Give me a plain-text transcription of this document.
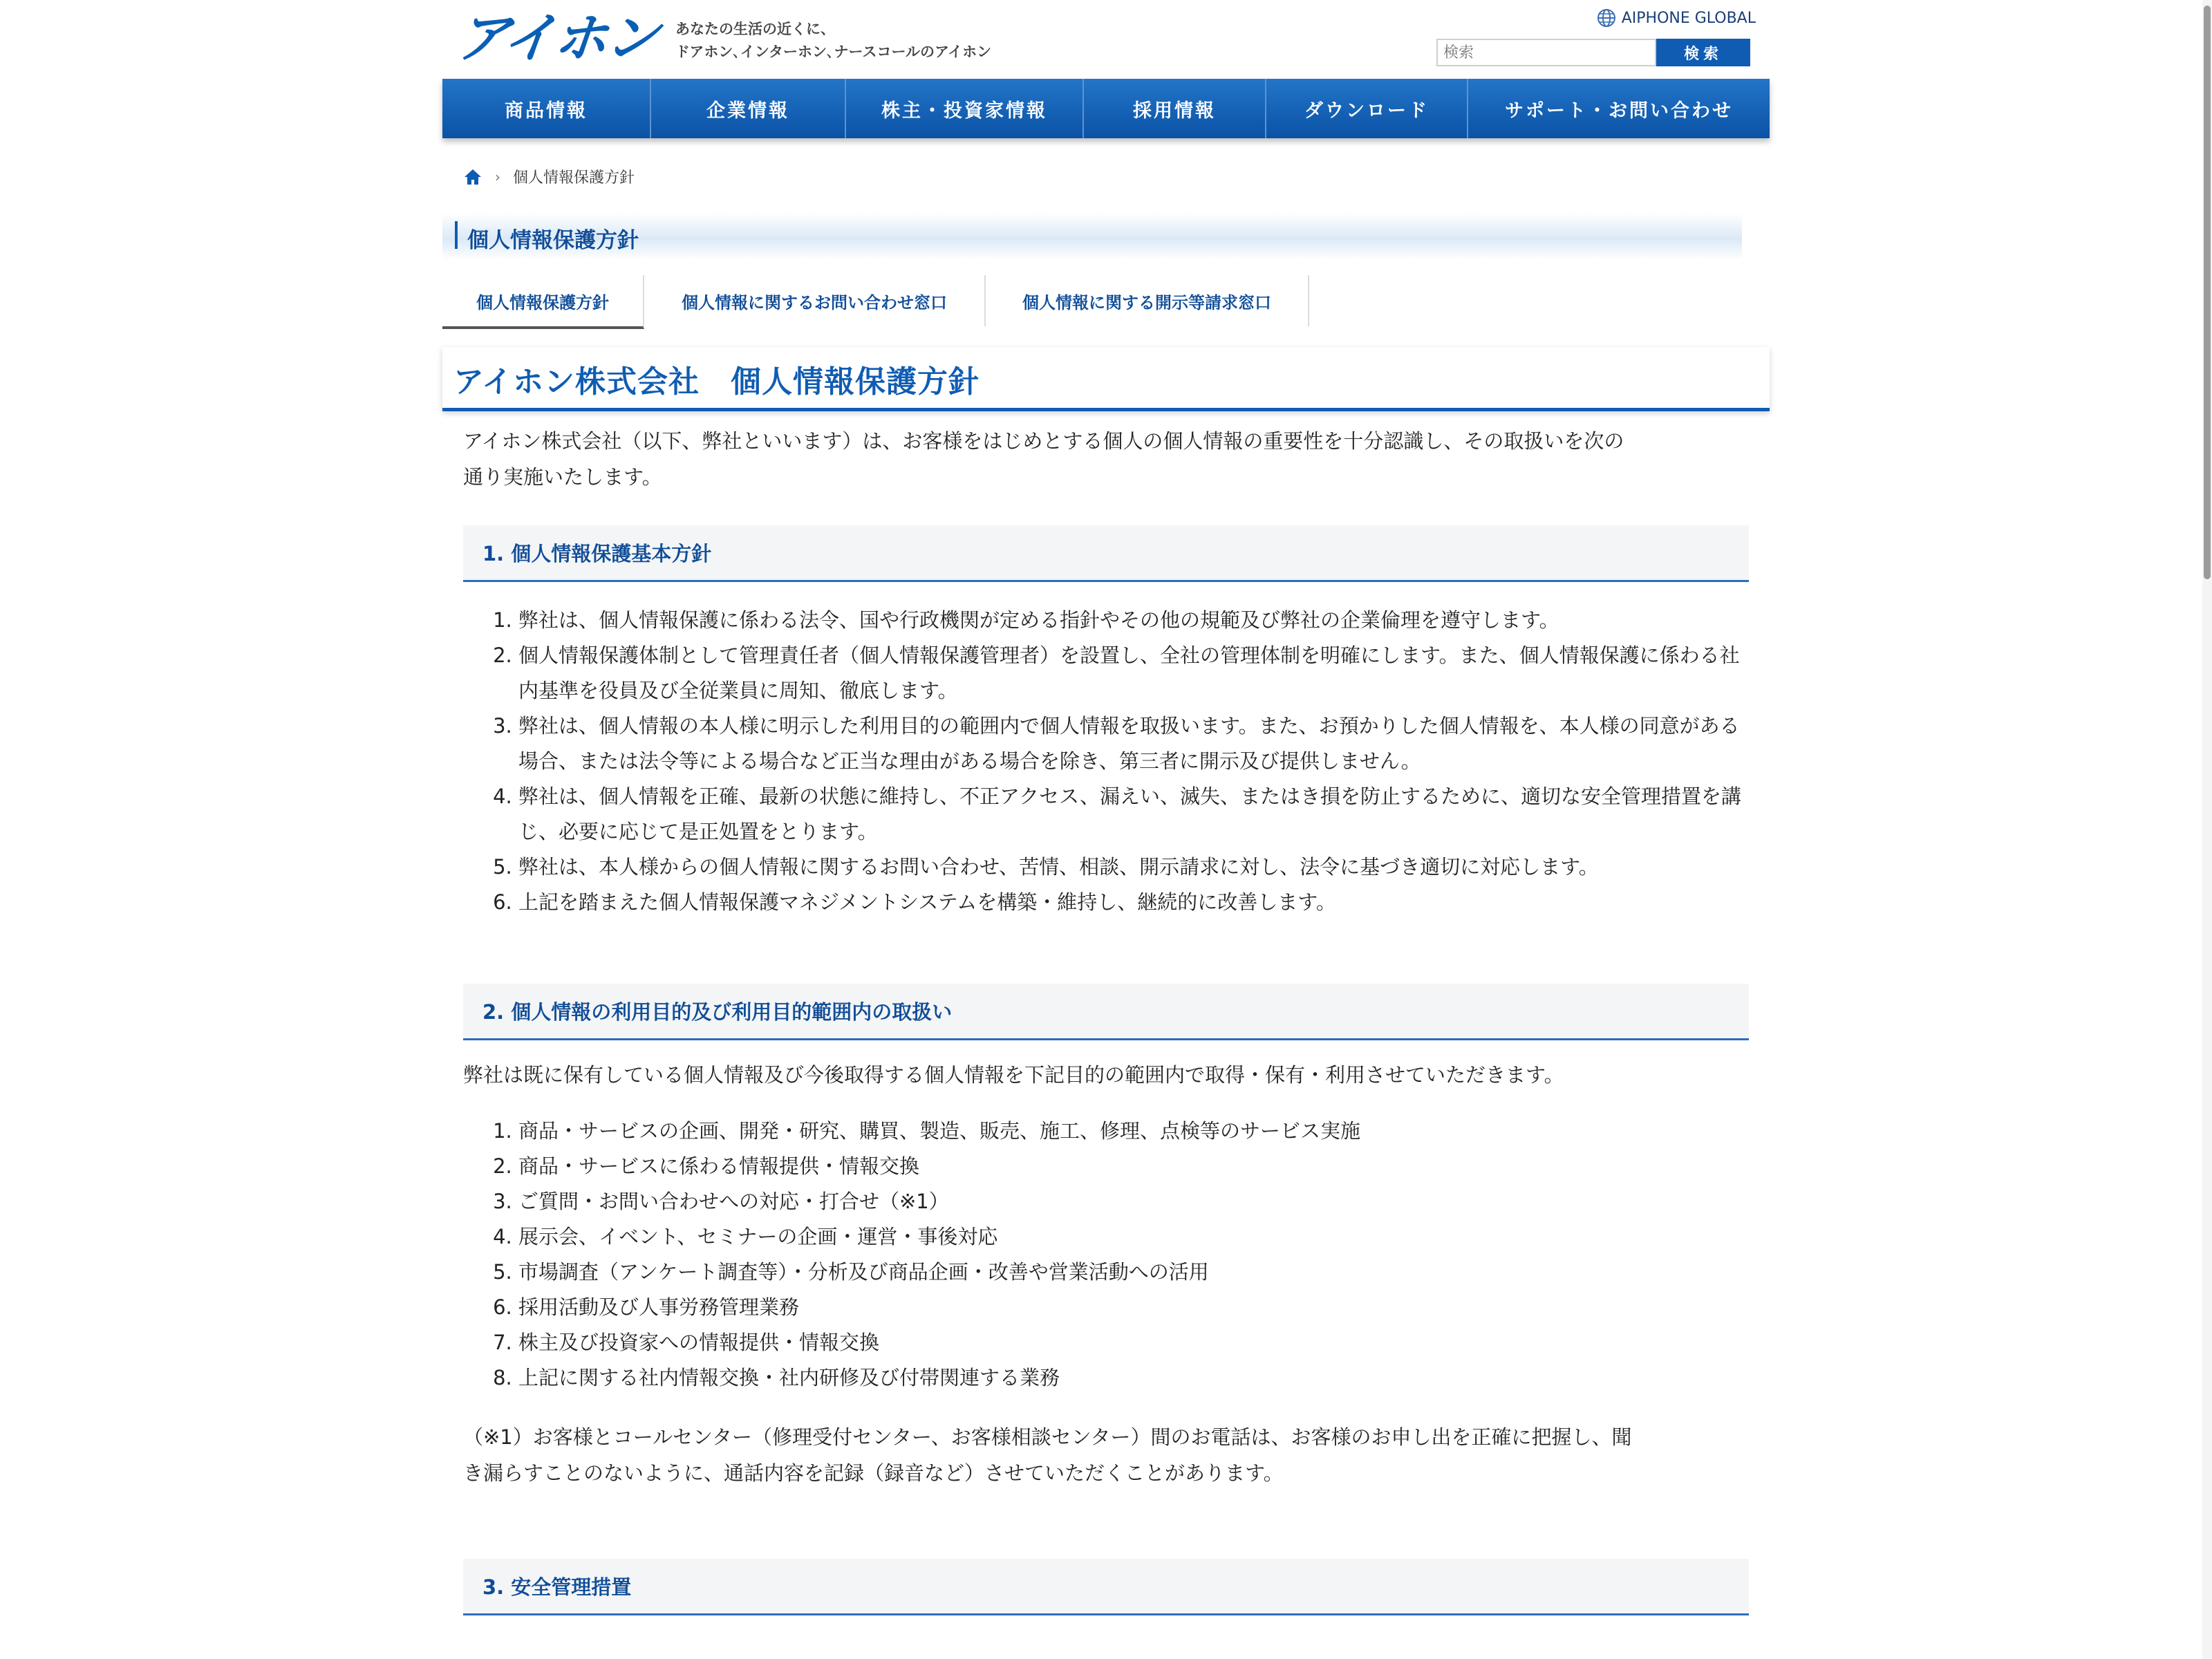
アイホン あなたの生活の近くに、
ドアホン､インターホン､ナースコールのアイホン
AIPHONE GLOBAL
検索
検索
商品情報	企業情報	株主・投資家情報	採用情報	ダウンロード	サポート・お問い合わせ
› 個人情報保護方針
個人情報保護方針
個人情報保護方針	個人情報に関するお問い合わせ窓口	個人情報に関する開示等請求窓口
アイホン株式会社　個人情報保護方針

アイホン株式会社（以下、弊社といいます）は、お客様をはじめとする個人の個人情報の重要性を十分認識し、その取扱いを次の
通り実施いたします。

1. 個人情報保護基本方針
1. 弊社は、個人情報保護に係わる法令、国や行政機関が定める指針やその他の規範及び弊社の企業倫理を遵守します。
2. 個人情報保護体制として管理責任者（個人情報保護管理者）を設置し、全社の管理体制を明確にします。また、個人情報保護に係わる社内基準を役員及び全従業員に周知、徹底します。
3. 弊社は、個人情報の本人様に明示した利用目的の範囲内で個人情報を取扱います。また、お預かりした個人情報を、本人様の同意がある場合、または法令等による場合など正当な理由がある場合を除き、第三者に開示及び提供しません。
4. 弊社は、個人情報を正確、最新の状態に維持し、不正アクセス、漏えい、滅失、またはき損を防止するために、適切な安全管理措置を講じ、必要に応じて是正処置をとります。
5. 弊社は、本人様からの個人情報に関するお問い合わせ、苦情、相談、開示請求に対し、法令に基づき適切に対応します。
6. 上記を踏まえた個人情報保護マネジメントシステムを構築・維持し、継続的に改善します。
2. 個人情報の利用目的及び利用目的範囲内の取扱い

弊社は既に保有している個人情報及び今後取得する個人情報を下記目的の範囲内で取得・保有・利用させていただきます。

1. 商品・サービスの企画、開発・研究、購買、製造、販売、施工、修理、点検等のサービス実施
2. 商品・サービスに係わる情報提供・情報交換
3. ご質問・お問い合わせへの対応・打合せ（※1）
4. 展示会、イベント、セミナーの企画・運営・事後対応
5. 市場調査（アンケート調査等）・分析及び商品企画・改善や営業活動への活用
6. 採用活動及び人事労務管理業務
7. 株主及び投資家への情報提供・情報交換
8. 上記に関する社内情報交換・社内研修及び付帯関連する業務

（※1）お客様とコールセンター（修理受付センター、お客様相談センター）間のお電話は、お客様のお申し出を正確に把握し、聞
き漏らすことのないように、通話内容を記録（録音など）させていただくことがあります。

3. 安全管理措置
